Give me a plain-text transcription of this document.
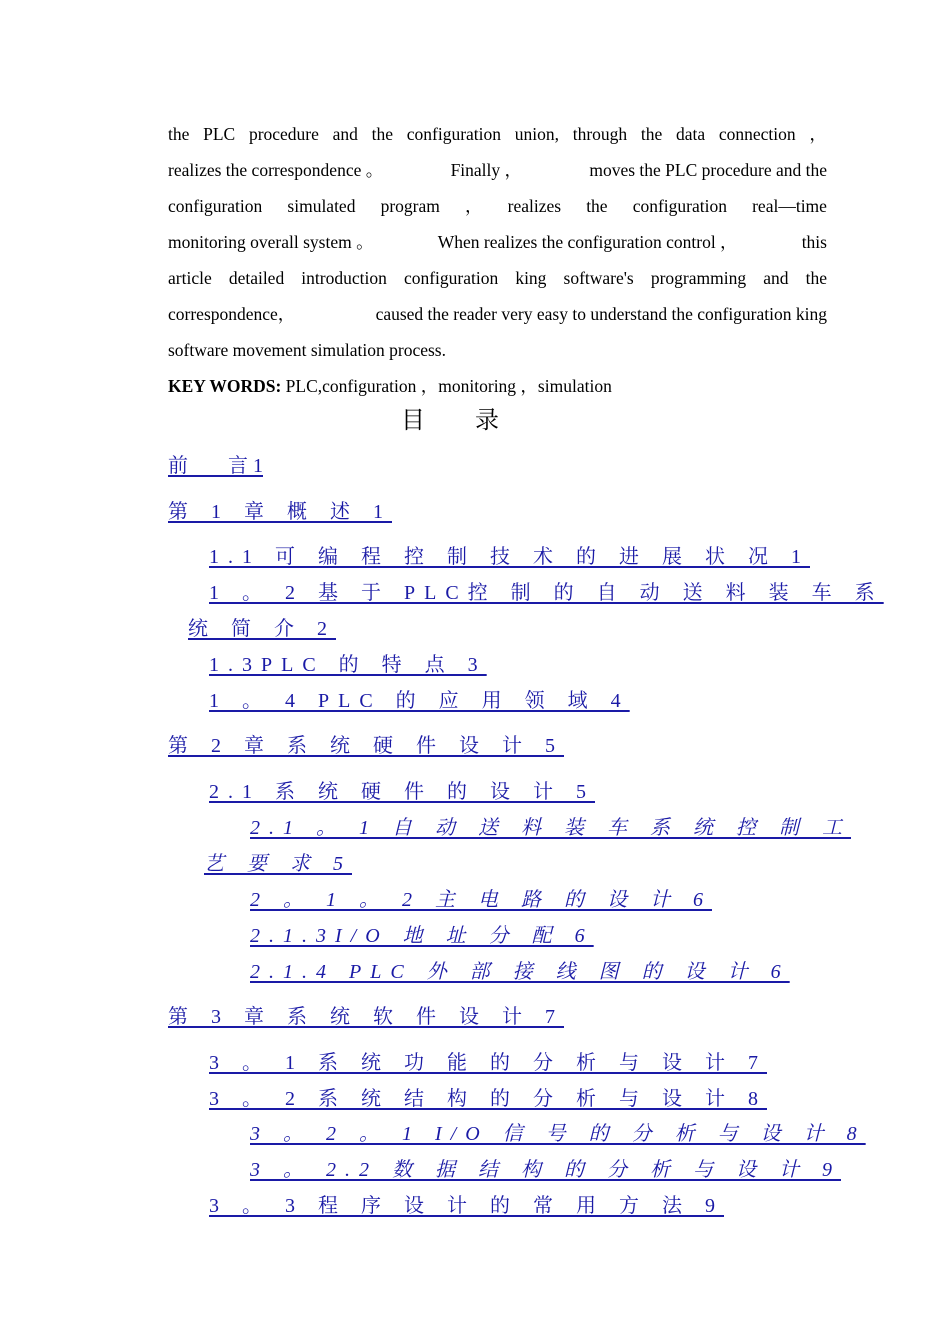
the PLC procedure and the configuration union, through the data connection ，
realizes the correspondence 。	Finally ，	moves the PLC procedure and the
configuration simulated program ， realizes the configuration real—time
monitoring overall system 。	When realizes the configuration control ，	this
article detailed introduction configuration king software's programming and the
correspondence，	caused the reader very easy to understand the configuration king
software movement simulation process.
KEY WORDS: PLC,configuration ，monitoring ，simulation
目录
前　　言 1
第 1 章 概 述 1
1.1 可 编 程 控 制 技 术 的 进 展 状 况 1
1 。 2 基 于 PLC控 制 的 自 动 送 料 装 车 系
统 简 介 2
1.3PLC 的 特 点 3
1 。 4 PLC 的 应 用 领 域 4
第 2 章 系 统 硬 件 设 计 5
2.1 系 统 硬 件 的 设 计 5
2.1 。 1 自 动 送 料 装 车 系 统 控 制 工
艺 要 求 5
2 。 1 。 2 主 电 路 的 设 计 6
2.1.3I/O 地 址 分 配 6
2.1.4 PLC 外 部 接 线 图 的 设 计 6
第 3 章 系 统 软 件 设 计 7
3 。 1 系 统 功 能 的 分 析 与 设 计 7
3 。 2 系 统 结 构 的 分 析 与 设 计 8
3 。 2 。 1 I/O 信 号 的 分 析 与 设 计 8
3 。 2.2 数 据 结 构 的 分 析 与 设 计 9
3 。 3 程 序 设 计 的 常 用 方 法 9
